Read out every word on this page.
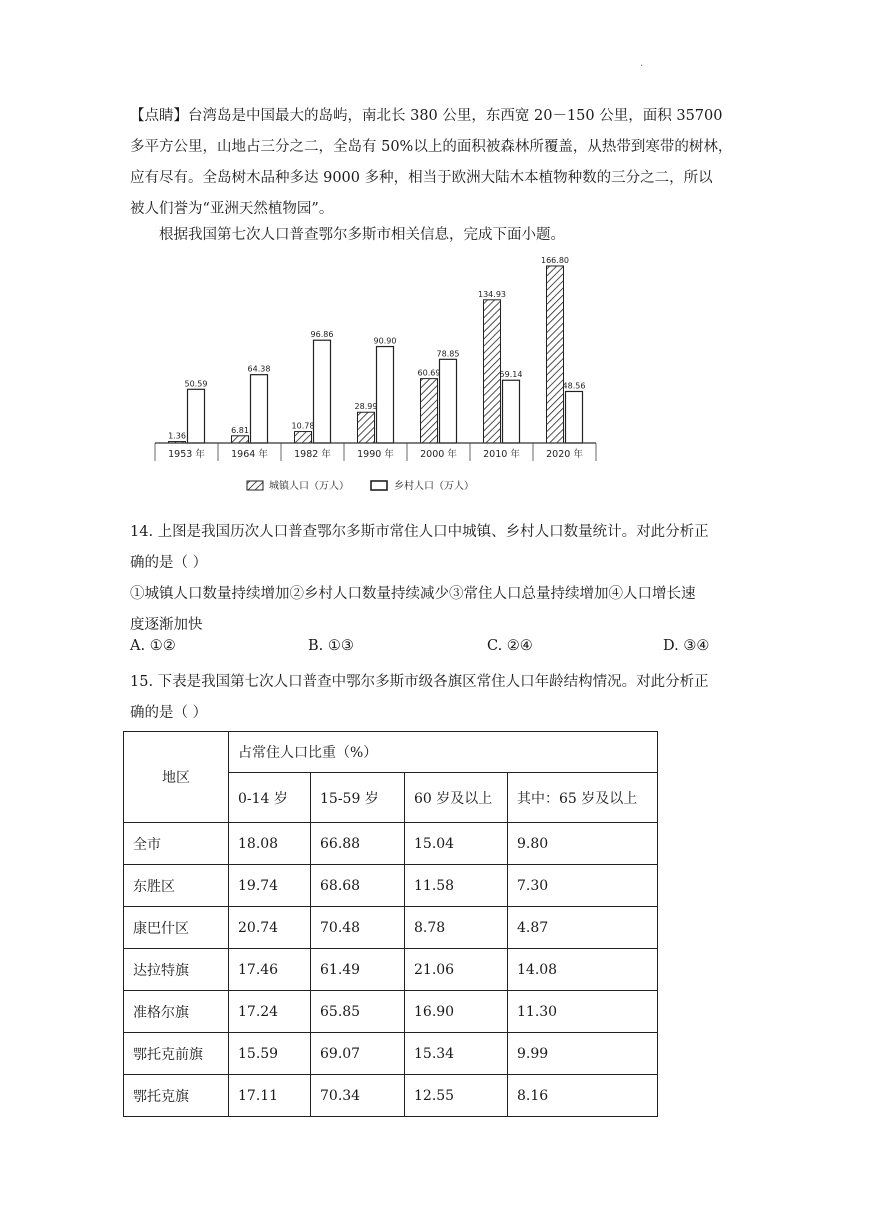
.
【点睛】台湾岛是中国最大的岛屿，南北长 380 公里，东西宽 20－150 公里，面积 35700
多平方公里，山地占三分之二，全岛有 50%以上的面积被森林所覆盖，从热带到寒带的树林，
应有尽有。全岛树木品种多达 9000 多种，相当于欧洲大陆木本植物种数的三分之二，所以
被人们誉为“亚洲天然植物园”。
根据我国第七次人口普查鄂尔多斯市相关信息，完成下面小题。
1.36
50.59
6.81
64.38
10.78
96.86
28.99
90.90
60.69
78.85
134.93
59.14
166.80
48.56
1953 年	1964 年	1982 年	1990 年	2000 年	2010 年	2020 年
城镇人口（万人）	乡村人口（万人）
14. 上图是我国历次人口普查鄂尔多斯市常住人口中城镇、乡村人口数量统计。对此分析正
确的是（ ）
①城镇人口数量持续增加②乡村人口数量持续减少③常住人口总量持续增加④人口增长速
度逐渐加快
A. ①②	B. ①③	C. ②④	D. ③④
15. 下表是我国第七次人口普查中鄂尔多斯市级各旗区常住人口年龄结构情况。对此分析正
确的是（ ）
地区	占常住人口比重（%）			
	0-14 岁	15-59 岁	60 岁及以上	其中：65 岁及以上
全市	18.08	66.88	15.04	9.80
东胜区	19.74	68.68	11.58	7.30
康巴什区	20.74	70.48	8.78	4.87
达拉特旗	17.46	61.49	21.06	14.08
准格尔旗	17.24	65.85	16.90	11.30
鄂托克前旗	15.59	69.07	15.34	9.99
鄂托克旗	17.11	70.34	12.55	8.16
